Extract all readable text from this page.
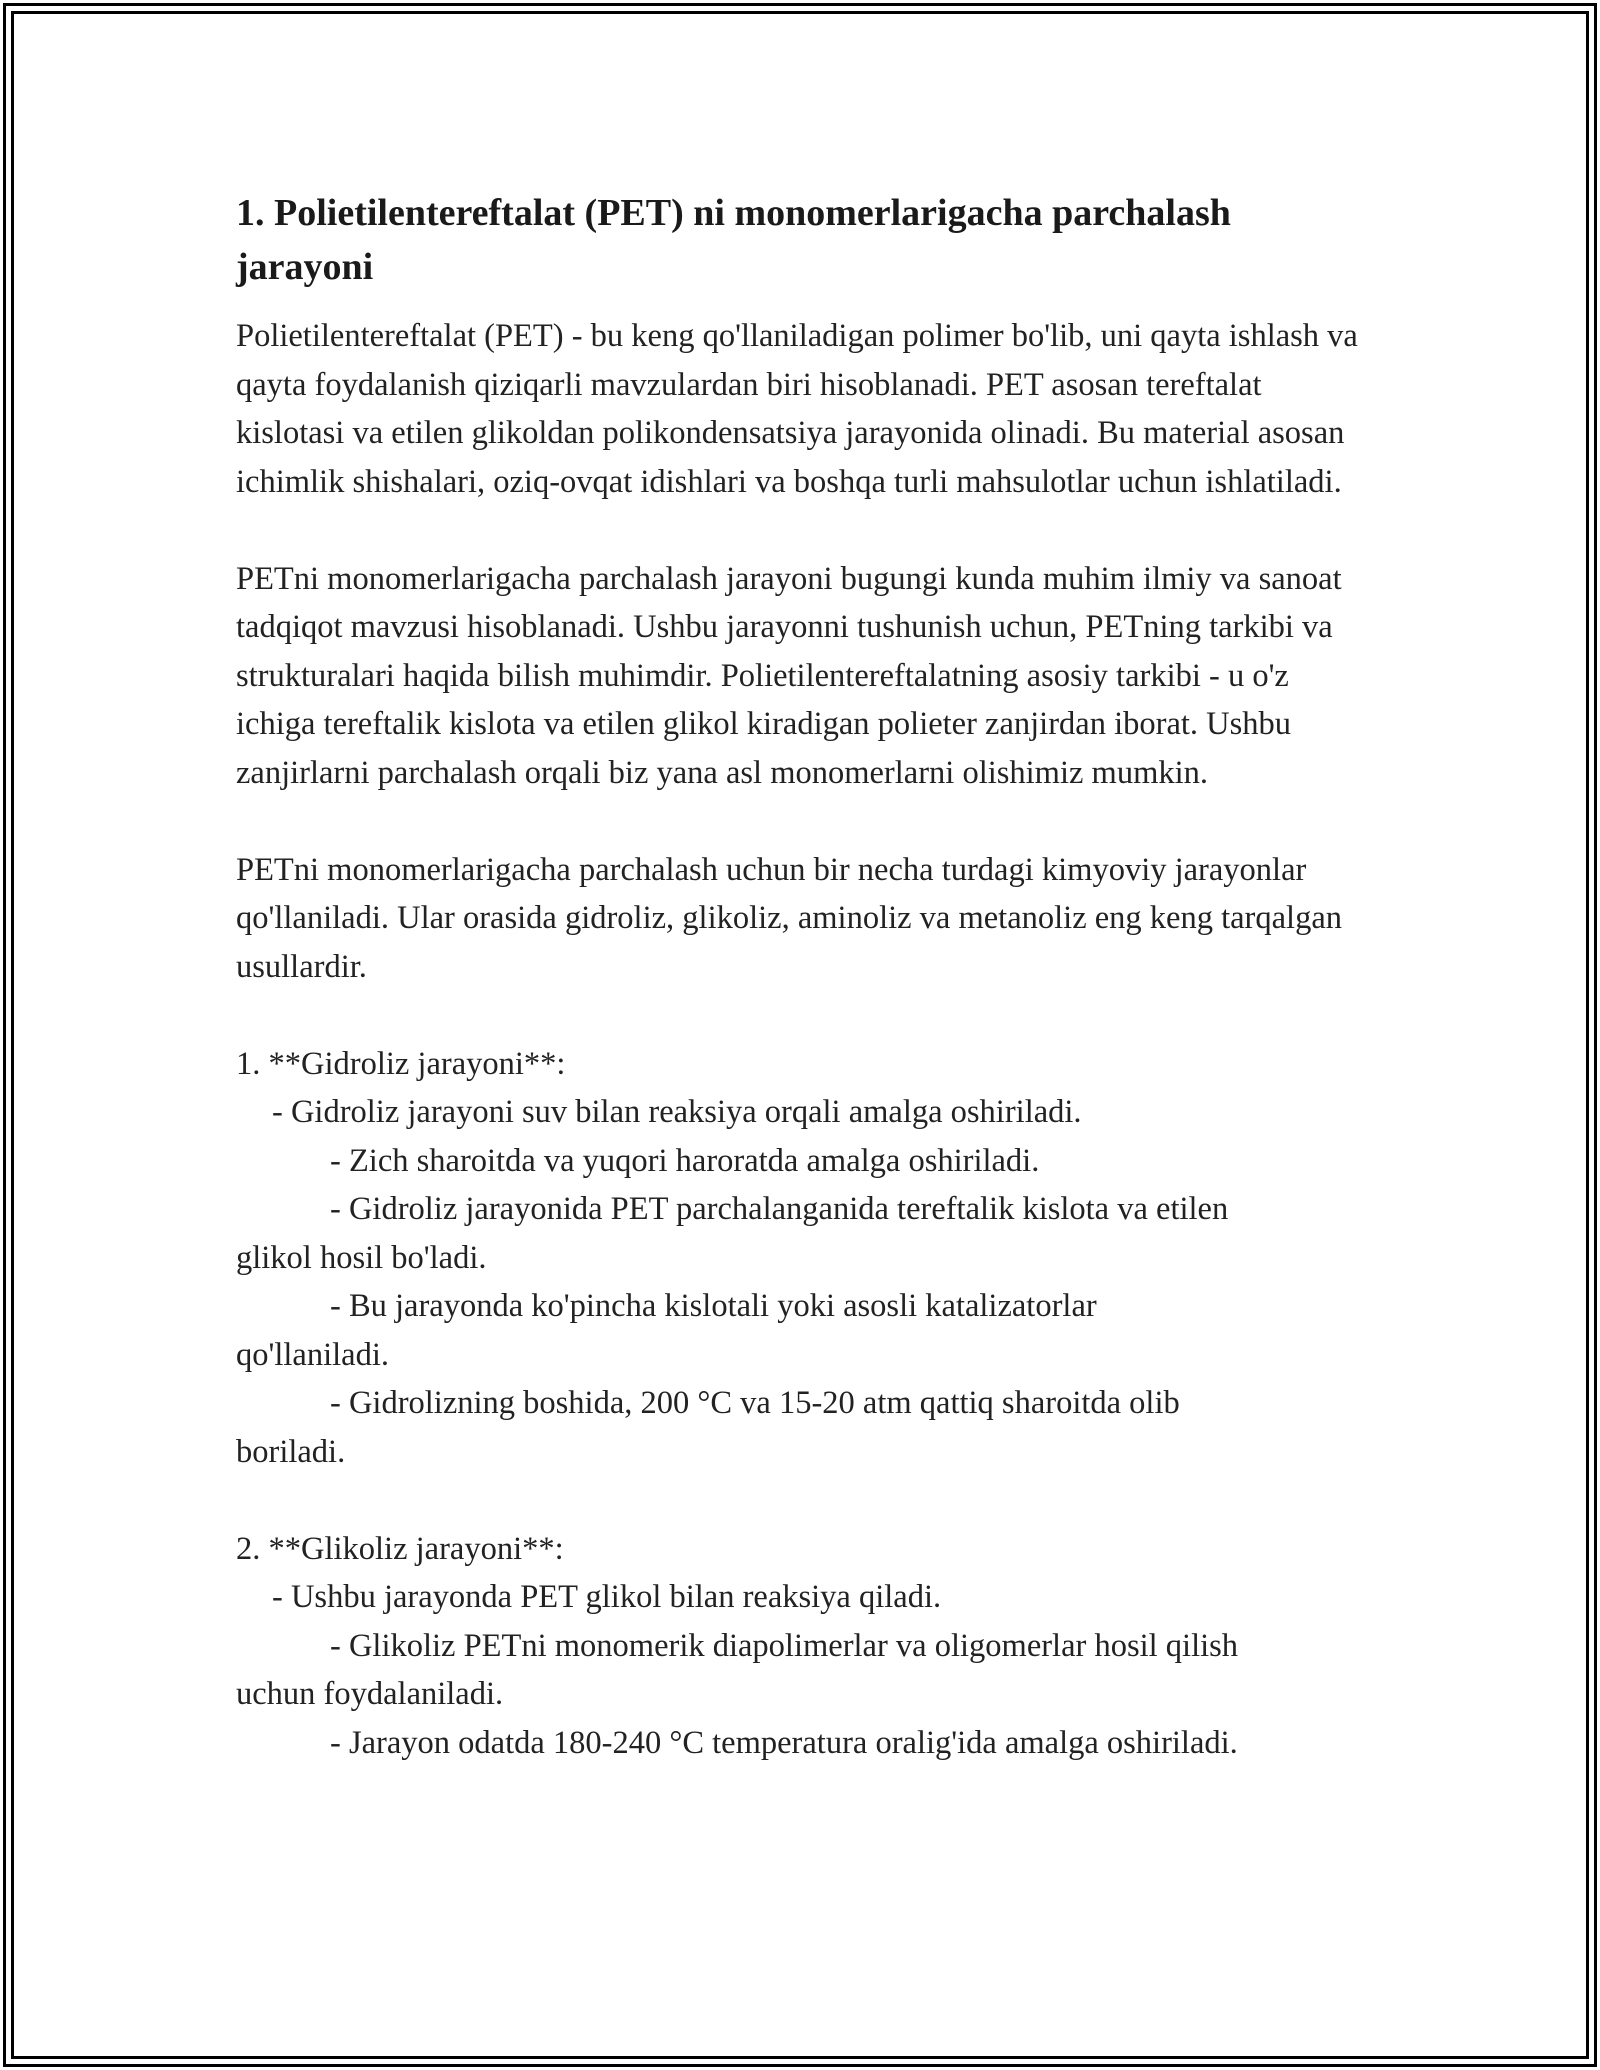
1. Polietilentereftalat (PET) ni monomerlarigacha parchalash jarayoni

Polietilentereftalat (PET) - bu keng qo'llaniladigan polimer bo'lib, uni qayta ishlash va qayta foydalanish qiziqarli mavzulardan biri hisoblanadi. PET asosan tereftalat kislotasi va etilen glikoldan polikondensatsiya jarayonida olinadi. Bu material asosan ichimlik shishalari, oziq-ovqat idishlari va boshqa turli mahsulotlar uchun ishlatiladi.

PETni monomerlarigacha parchalash jarayoni bugungi kunda muhim ilmiy va sanoat tadqiqot mavzusi hisoblanadi. Ushbu jarayonni tushunish uchun, PETning tarkibi va strukturalari haqida bilish muhimdir. Polietilentereftalatning asosiy tarkibi - u o'z ichiga tereftalik kislota va etilen glikol kiradigan polieter zanjirdan iborat. Ushbu zanjirlarni parchalash orqali biz yana asl monomerlarni olishimiz mumkin.

PETni monomerlarigacha parchalash uchun bir necha turdagi kimyoviy jarayonlar qo'llaniladi. Ular orasida gidroliz, glikoliz, aminoliz va metanoliz eng keng tarqalgan usullardir.

1. **Gidroliz jarayoni**:
- Gidroliz jarayoni suv bilan reaksiya orqali amalga oshiriladi.
- Zich sharoitda va yuqori haroratda amalga oshiriladi.
- Gidroliz jarayonida PET parchalanganida tereftalik kislota va etilen
glikol hosil bo'ladi.
- Bu jarayonda ko'pincha kislotali yoki asosli katalizatorlar
qo'llaniladi.
- Gidrolizning boshida, 200 °C va 15-20 atm qattiq sharoitda olib
boriladi.
2. **Glikoliz jarayoni**:
- Ushbu jarayonda PET glikol bilan reaksiya qiladi.
- Glikoliz PETni monomerik diapolimerlar va oligomerlar hosil qilish
uchun foydalaniladi.
- Jarayon odatda 180-240 °C temperatura oralig'ida amalga oshiriladi.
